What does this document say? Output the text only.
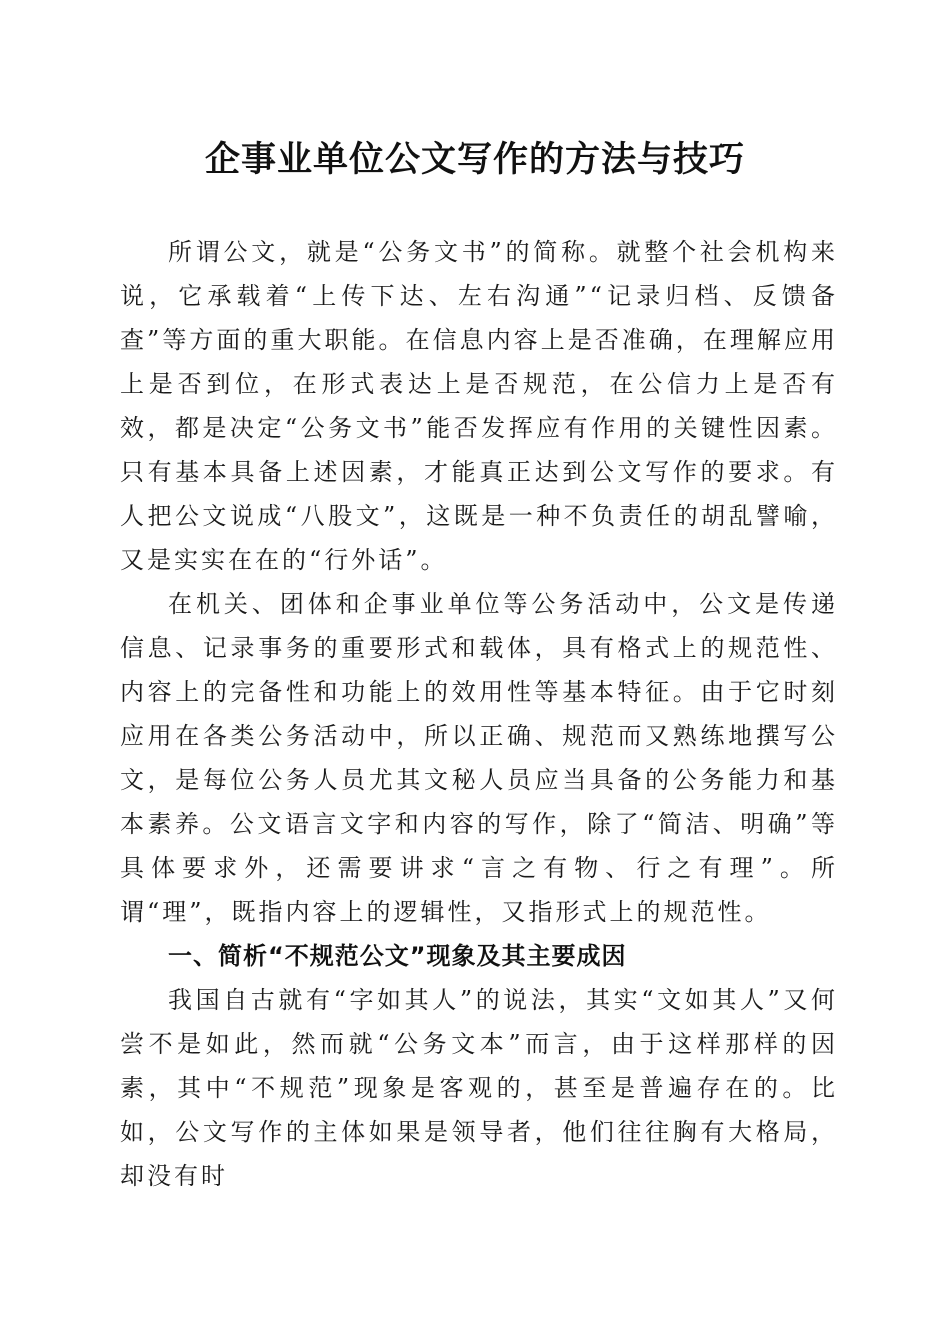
企事业单位公文写作的方法与技巧

所谓公文，就是“公务文书”的简称。就整个社会机构来说，它承载着“上传下达、左右沟通”“记录归档、反馈备查”等方面的重大职能。在信息内容上是否准确，在理解应用上是否到位，在形式表达上是否规范，在公信力上是否有效，都是决定“公务文书”能否发挥应有作用的关键性因素。只有基本具备上述因素，才能真正达到公文写作的要求。有人把公文说成“八股文”，这既是一种不负责任的胡乱譬喻，又是实实在在的“行外话”。

在机关、团体和企事业单位等公务活动中，公文是传递信息、记录事务的重要形式和载体，具有格式上的规范性、内容上的完备性和功能上的效用性等基本特征。由于它时刻应用在各类公务活动中，所以正确、规范而又熟练地撰写公文，是每位公务人员尤其文秘人员应当具备的公务能力和基本素养。公文语言文字和内容的写作，除了“简洁、明确”等具体要求外，还需要讲求“言之有物、行之有理”。所谓“理”，既指内容上的逻辑性，又指形式上的规范性。

一、简析“不规范公文”现象及其主要成因

我国自古就有“字如其人”的说法，其实“文如其人”又何尝不是如此，然而就“公务文本”而言，由于这样那样的因素，其中“不规范”现象是客观的，甚至是普遍存在的。比如，公文写作的主体如果是领导者，他们往往胸有大格局，却没有时
